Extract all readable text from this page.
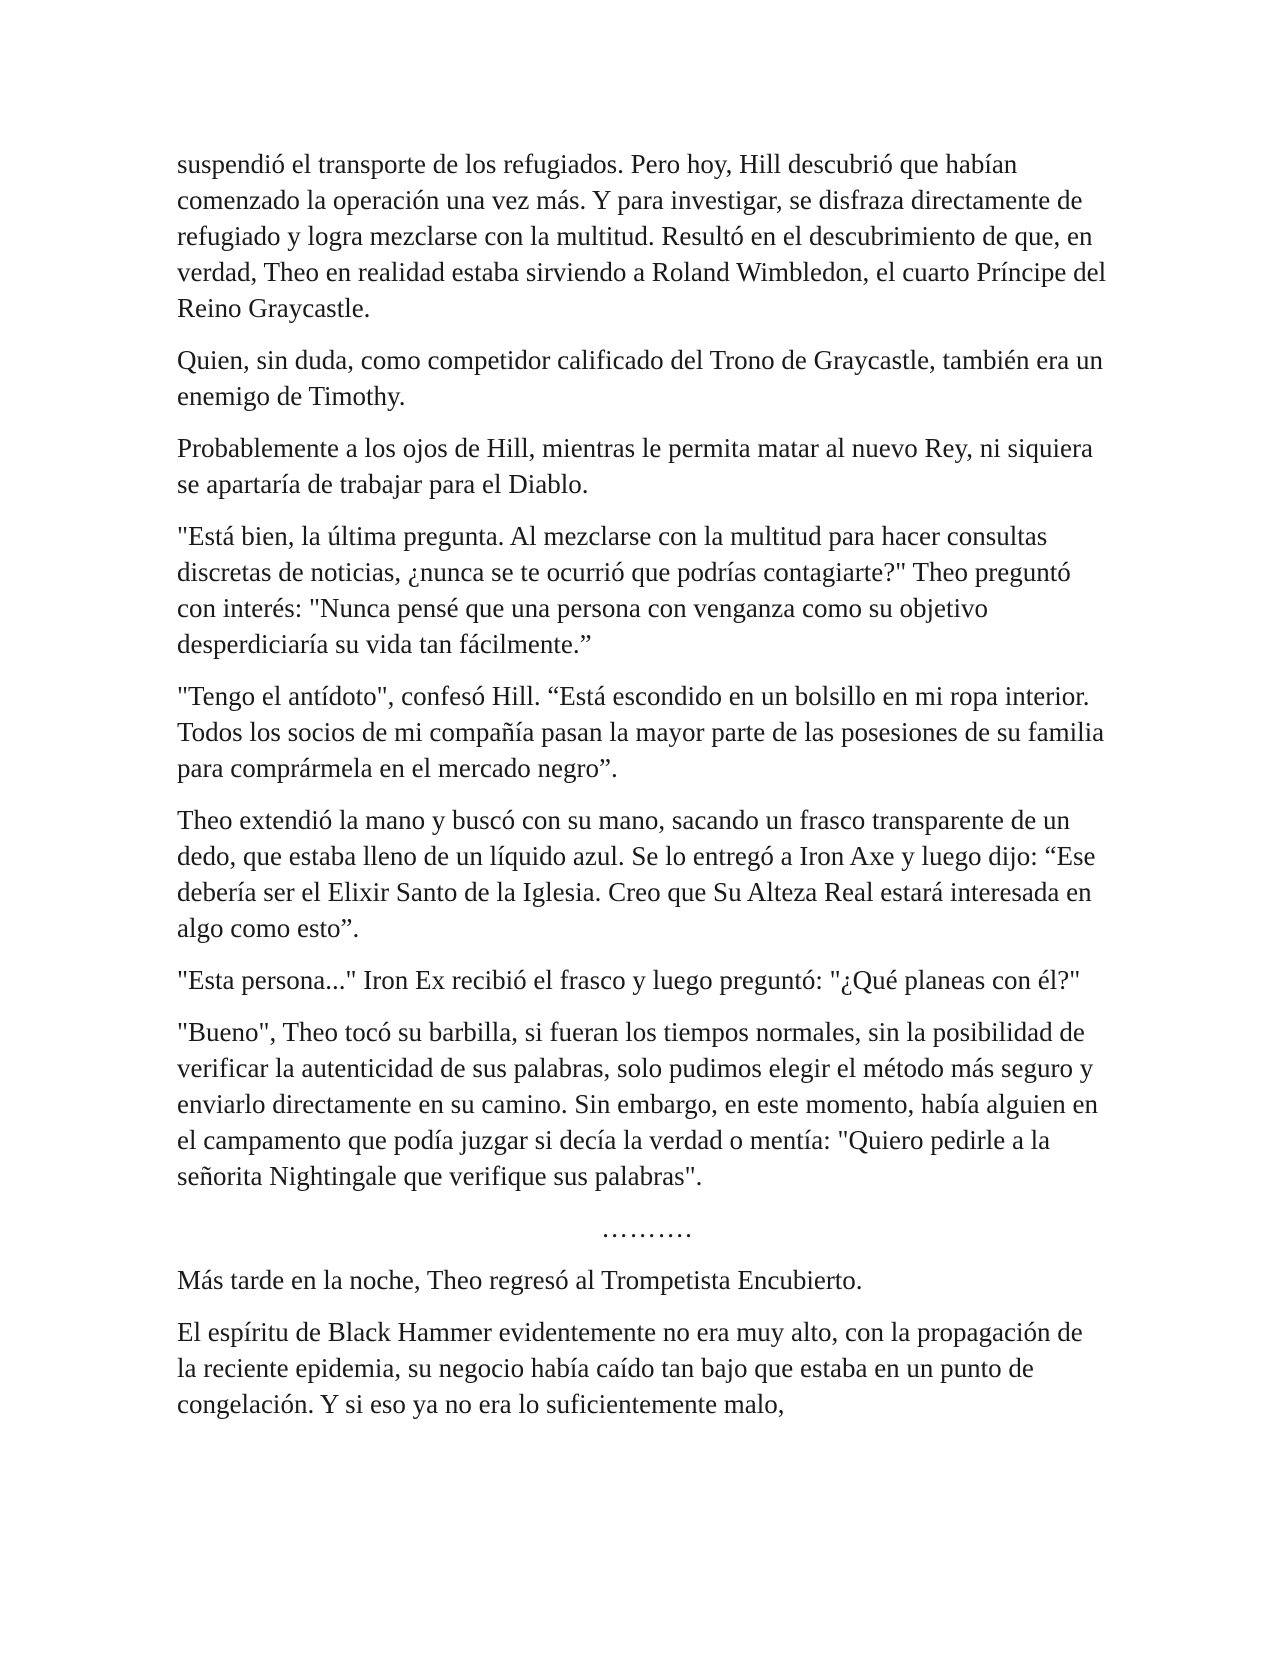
suspendió el transporte de los refugiados. Pero hoy, Hill descubrió que habían comenzado la operación una vez más. Y para investigar, se disfraza directamente de refugiado y logra mezclarse con la multitud. Resultó en el descubrimiento de que, en verdad, Theo en realidad estaba sirviendo a Roland Wimbledon, el cuarto Príncipe del Reino Graycastle.

Quien, sin duda, como competidor calificado del Trono de Graycastle, también era un enemigo de Timothy.

Probablemente a los ojos de Hill, mientras le permita matar al nuevo Rey, ni siquiera se apartaría de trabajar para el Diablo.

"Está bien, la última pregunta. Al mezclarse con la multitud para hacer consultas discretas de noticias, ¿nunca se te ocurrió que podrías contagiarte?" Theo preguntó con interés: "Nunca pensé que una persona con venganza como su objetivo desperdiciaría su vida tan fácilmente.”

"Tengo el antídoto", confesó Hill. “Está escondido en un bolsillo en mi ropa interior. Todos los socios de mi compañía pasan la mayor parte de las posesiones de su familia para comprármela en el mercado negro”.

Theo extendió la mano y buscó con su mano, sacando un frasco transparente de un dedo, que estaba lleno de un líquido azul. Se lo entregó a Iron Axe y luego dijo: “Ese debería ser el Elixir Santo de la Iglesia. Creo que Su Alteza Real estará interesada en algo como esto”.

"Esta persona..." Iron Ex recibió el frasco y luego preguntó: "¿Qué planeas con él?"

"Bueno", Theo tocó su barbilla, si fueran los tiempos normales, sin la posibilidad de verificar la autenticidad de sus palabras, solo pudimos elegir el método más seguro y enviarlo directamente en su camino. Sin embargo, en este momento, había alguien en el campamento que podía juzgar si decía la verdad o mentía: "Quiero pedirle a la señorita Nightingale que verifique sus palabras".

……….

Más tarde en la noche, Theo regresó al Trompetista Encubierto.

El espíritu de Black Hammer evidentemente no era muy alto, con la propagación de la reciente epidemia, su negocio había caído tan bajo que estaba en un punto de congelación. Y si eso ya no era lo suficientemente malo,
